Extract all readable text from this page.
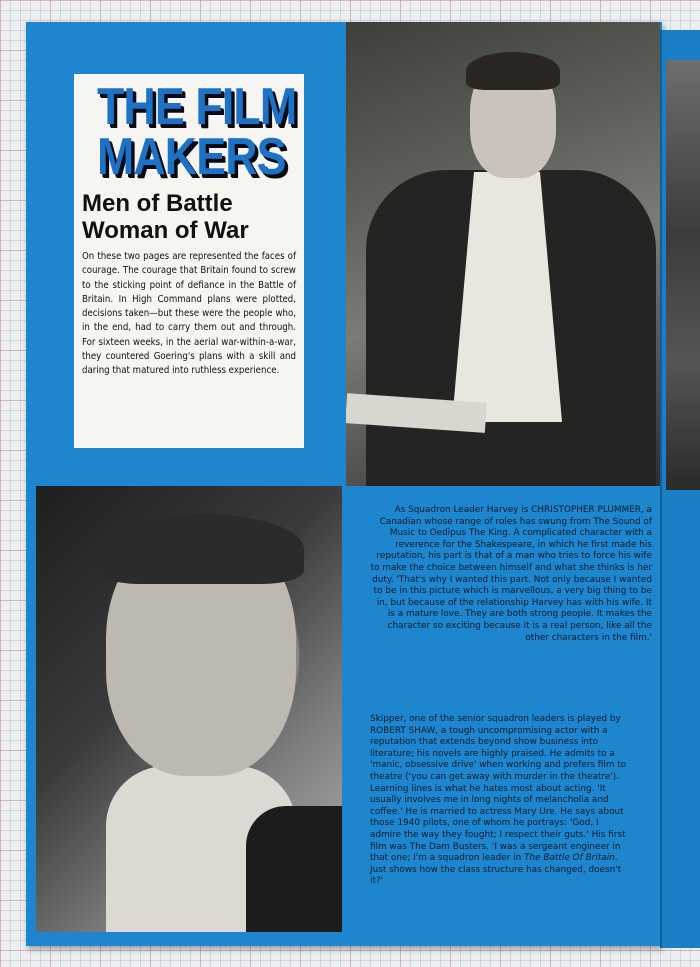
THE FILM
MAKERS
Men of Battle
Woman of War
On these two pages are represented the faces of courage. The courage that Britain found to screw to the sticking point of defiance in the Battle of Britain. In High Command plans were plotted, decisions taken—but these were the people who, in the end, had to carry them out and through. For sixteen weeks, in the aerial war-within-a-war, they countered Goering's plans with a skill and daring that matured into ruthless experience.
As Squadron Leader Harvey is CHRISTOPHER PLUMMER, a Canadian whose range of roles has swung from The Sound of Music to Oedipus The King. A complicated character with a reverence for the Shakespeare, in which he first made his reputation, his part is that of a man who tries to force his wife to make the choice between himself and what she thinks is her duty. 'That's why I wanted this part. Not only because I wanted to be in this picture which is marvellous, a very big thing to be in, but because of the relationship Harvey has with his wife. It is a mature love. They are both strong people. It makes the character so exciting because it is a real person, like all the other characters in the film.'
Skipper, one of the senior squadron leaders is played by ROBERT SHAW, a tough uncompromising actor with a reputation that extends beyond show business into literature; his novels are highly praised. He admits to a 'manic, obsessive drive' when working and prefers film to theatre ('you can get away with murder in the theatre'). Learning lines is what he hates most about acting. 'It usually involves me in long nights of melancholia and coffee.' He is married to actress Mary Ure. He says about those 1940 pilots, one of whom he portrays: 'God, I admire the way they fought; I respect their guts.' His first film was The Dam Busters. 'I was a sergeant engineer in that one; I'm a squadron leader in The Battle Of Britain. Just shows how the class structure has changed, doesn't it?'
